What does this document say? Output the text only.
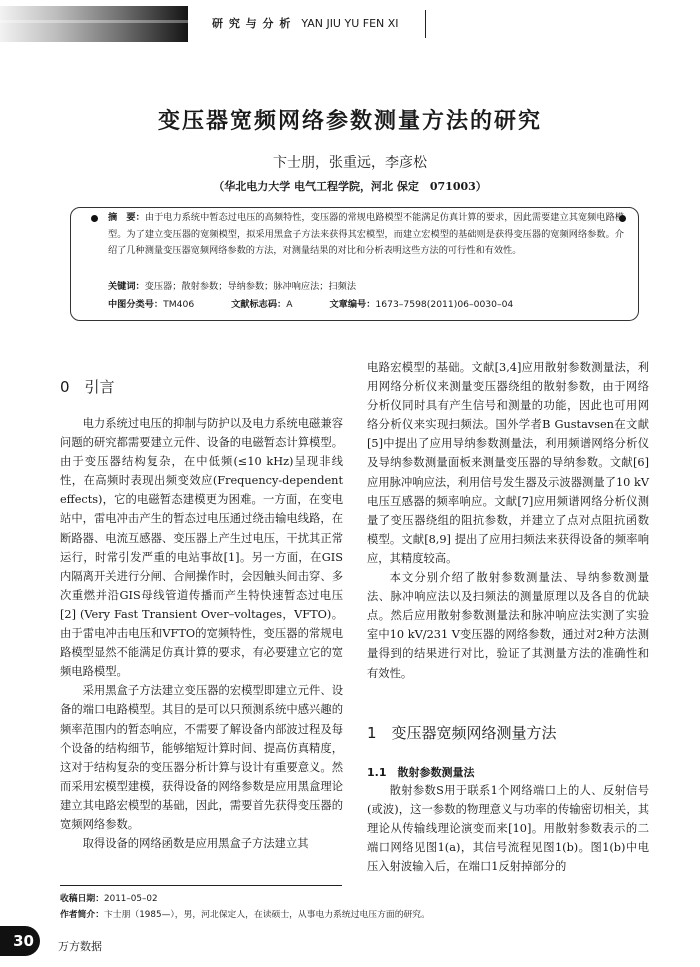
研 究 与 分 析 YAN JIU YU FEN XI
变压器宽频网络参数测量方法的研究
卞士朋，张重远，李彦松
（华北电力大学 电气工程学院，河北 保定　071003）
摘　要：由于电力系统中暂态过电压的高频特性，变压器的常规电路模型不能满足仿真计算的要求，因此需要建立其宽频电路模型。为了建立变压器的宽频模型，拟采用黑盒子方法来获得其宏模型，而建立宏模型的基础则是获得变压器的宽频网络参数。介绍了几种测量变压器宽频网络参数的方法，对测量结果的对比和分析表明这些方法的可行性和有效性。
关键词：变压器；散射参数；导纳参数；脉冲响应法；扫频法
中图分类号：TM406	文献标志码：A	文章编号：1673–7598(2011)06–0030–04
0　引言

电力系统过电压的抑制与防护以及电力系统电磁兼容问题的研究都需要建立元件、设备的电磁暂态计算模型。由于变压器结构复杂，在中低频(≤10 kHz)呈现非线性，在高频时表现出频变效应(Frequency-dependent effects)，它的电磁暂态建模更为困难。一方面，在变电站中，雷电冲击产生的暂态过电压通过绕击输电线路，在断路器、电流互感器、变压器上产生过电压，干扰其正常运行，时常引发严重的电站事故[1]。另一方面，在GIS内隔离开关进行分闸、合闸操作时，会因触头间击穿、多次重燃并沿GIS母线管道传播而产生特快速暂态过电压[2] (Very Fast Transient Over–voltages，VFTO)。由于雷电冲击电压和VFTO的宽频特性，变压器的常规电路模型显然不能满足仿真计算的要求，有必要建立它的宽频电路模型。

采用黑盒子方法建立变压器的宏模型即建立元件、设备的端口电路模型。其目的是可以只预测系统中感兴趣的频率范围内的暂态响应，不需要了解设备内部波过程及每个设备的结构细节，能够缩短计算时间、提高仿真精度，这对于结构复杂的变压器分析计算与设计有重要意义。然而采用宏模型建模，获得设备的网络参数是应用黑盒理论建立其电路宏模型的基础，因此，需要首先获得变压器的宽频网络参数。

取得设备的网络函数是应用黑盒子方法建立其

电路宏模型的基础。文献[3,4]应用散射参数测量法，利用网络分析仪来测量变压器绕组的散射参数，由于网络分析仪同时具有产生信号和测量的功能，因此也可用网络分析仪来实现扫频法。国外学者B Gustavsen在文献[5]中提出了应用导纳参数测量法，利用频谱网络分析仪及导纳参数测量面板来测量变压器的导纳参数。文献[6]应用脉冲响应法，利用信号发生器及示波器测量了10 kV电压互感器的频率响应。文献[7]应用频谱网络分析仪测量了变压器绕组的阻抗参数，并建立了点对点阻抗函数模型。文献[8,9] 提出了应用扫频法来获得设备的频率响应，其精度较高。

本文分别介绍了散射参数测量法、导纳参数测量法、脉冲响应法以及扫频法的测量原理以及各自的优缺点。然后应用散射参数测量法和脉冲响应法实测了实验室中10 kV/231 V变压器的网络参数，通过对2种方法测量得到的结果进行对比，验证了其测量方法的准确性和有效性。

1　变压器宽频网络测量方法
1.1　散射参数测量法

散射参数S用于联系1个网络端口上的人、反射信号(或波)，这一参数的物理意义与功率的传输密切相关，其理论从传输线理论演变而来[10]。用散射参数表示的二端口网络见图1(a)，其信号流程见图1(b)。图1(b)中电压入射波输入后，在端口1反射掉部分的

收稿日期：2011–05–02
作者简介：卞士朋（1985—），男，河北保定人，在读硕士，从事电力系统过电压方面的研究。
30	万方数据
